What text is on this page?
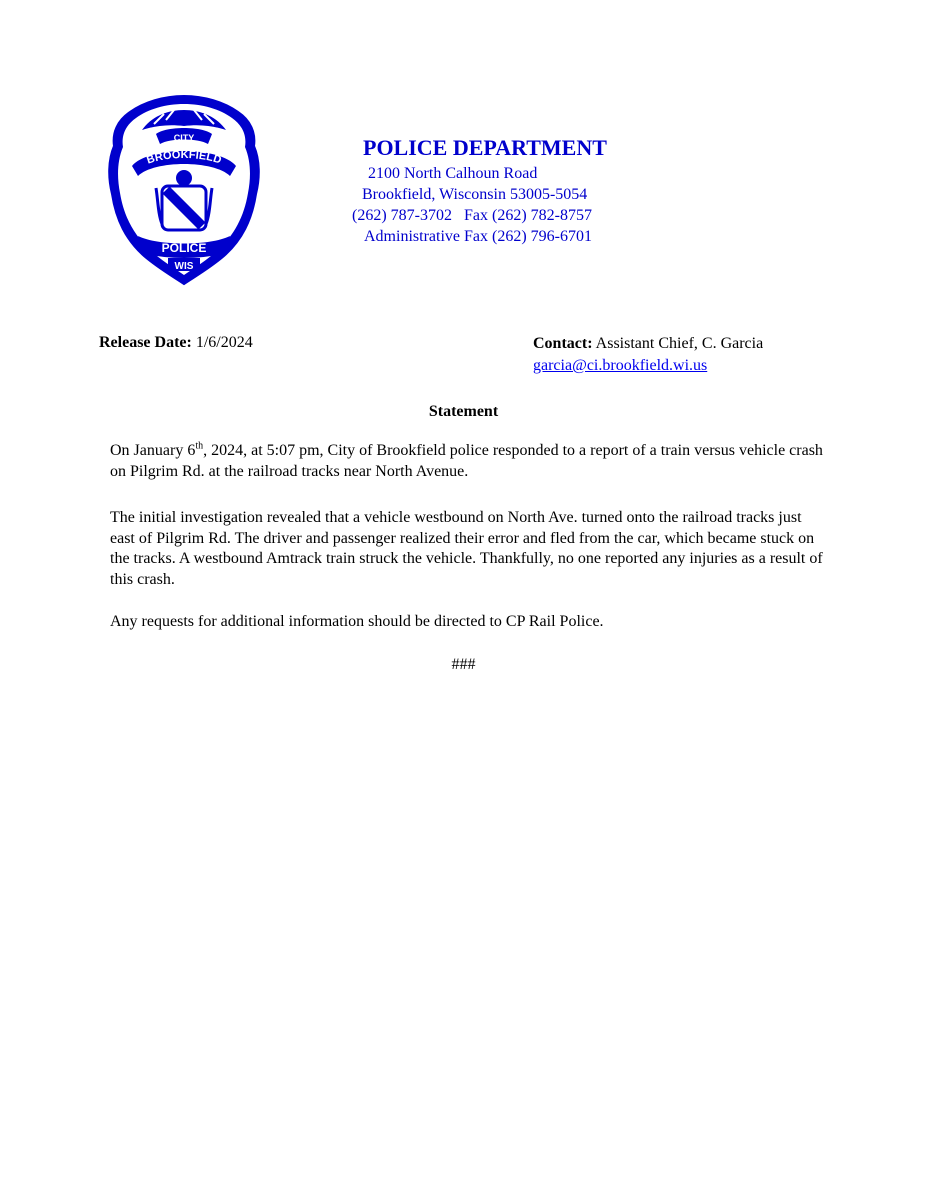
CITY
BROOKFIELD
POLICE
WIS
POLICE DEPARTMENT
2100 North Calhoun Road
Brookfield, Wisconsin 53005-5054
(262) 787-3702   Fax (262) 782-8757
Administrative Fax (262) 796-6701
Release Date: 1/6/2024	Contact: Assistant Chief, C. Garcia
garcia@ci.brookfield.wi.us
Statement
On January 6th, 2024, at 5:07 pm, City of Brookfield police responded to a report of a train versus vehicle crash on Pilgrim Rd. at the railroad tracks near North Avenue.
The initial investigation revealed that a vehicle westbound on North Ave. turned onto the railroad tracks just east of Pilgrim Rd. The driver and passenger realized their error and fled from the car, which became stuck on the tracks. A westbound Amtrack train struck the vehicle. Thankfully, no one reported any injuries as a result of this crash.
Any requests for additional information should be directed to CP Rail Police.
###
